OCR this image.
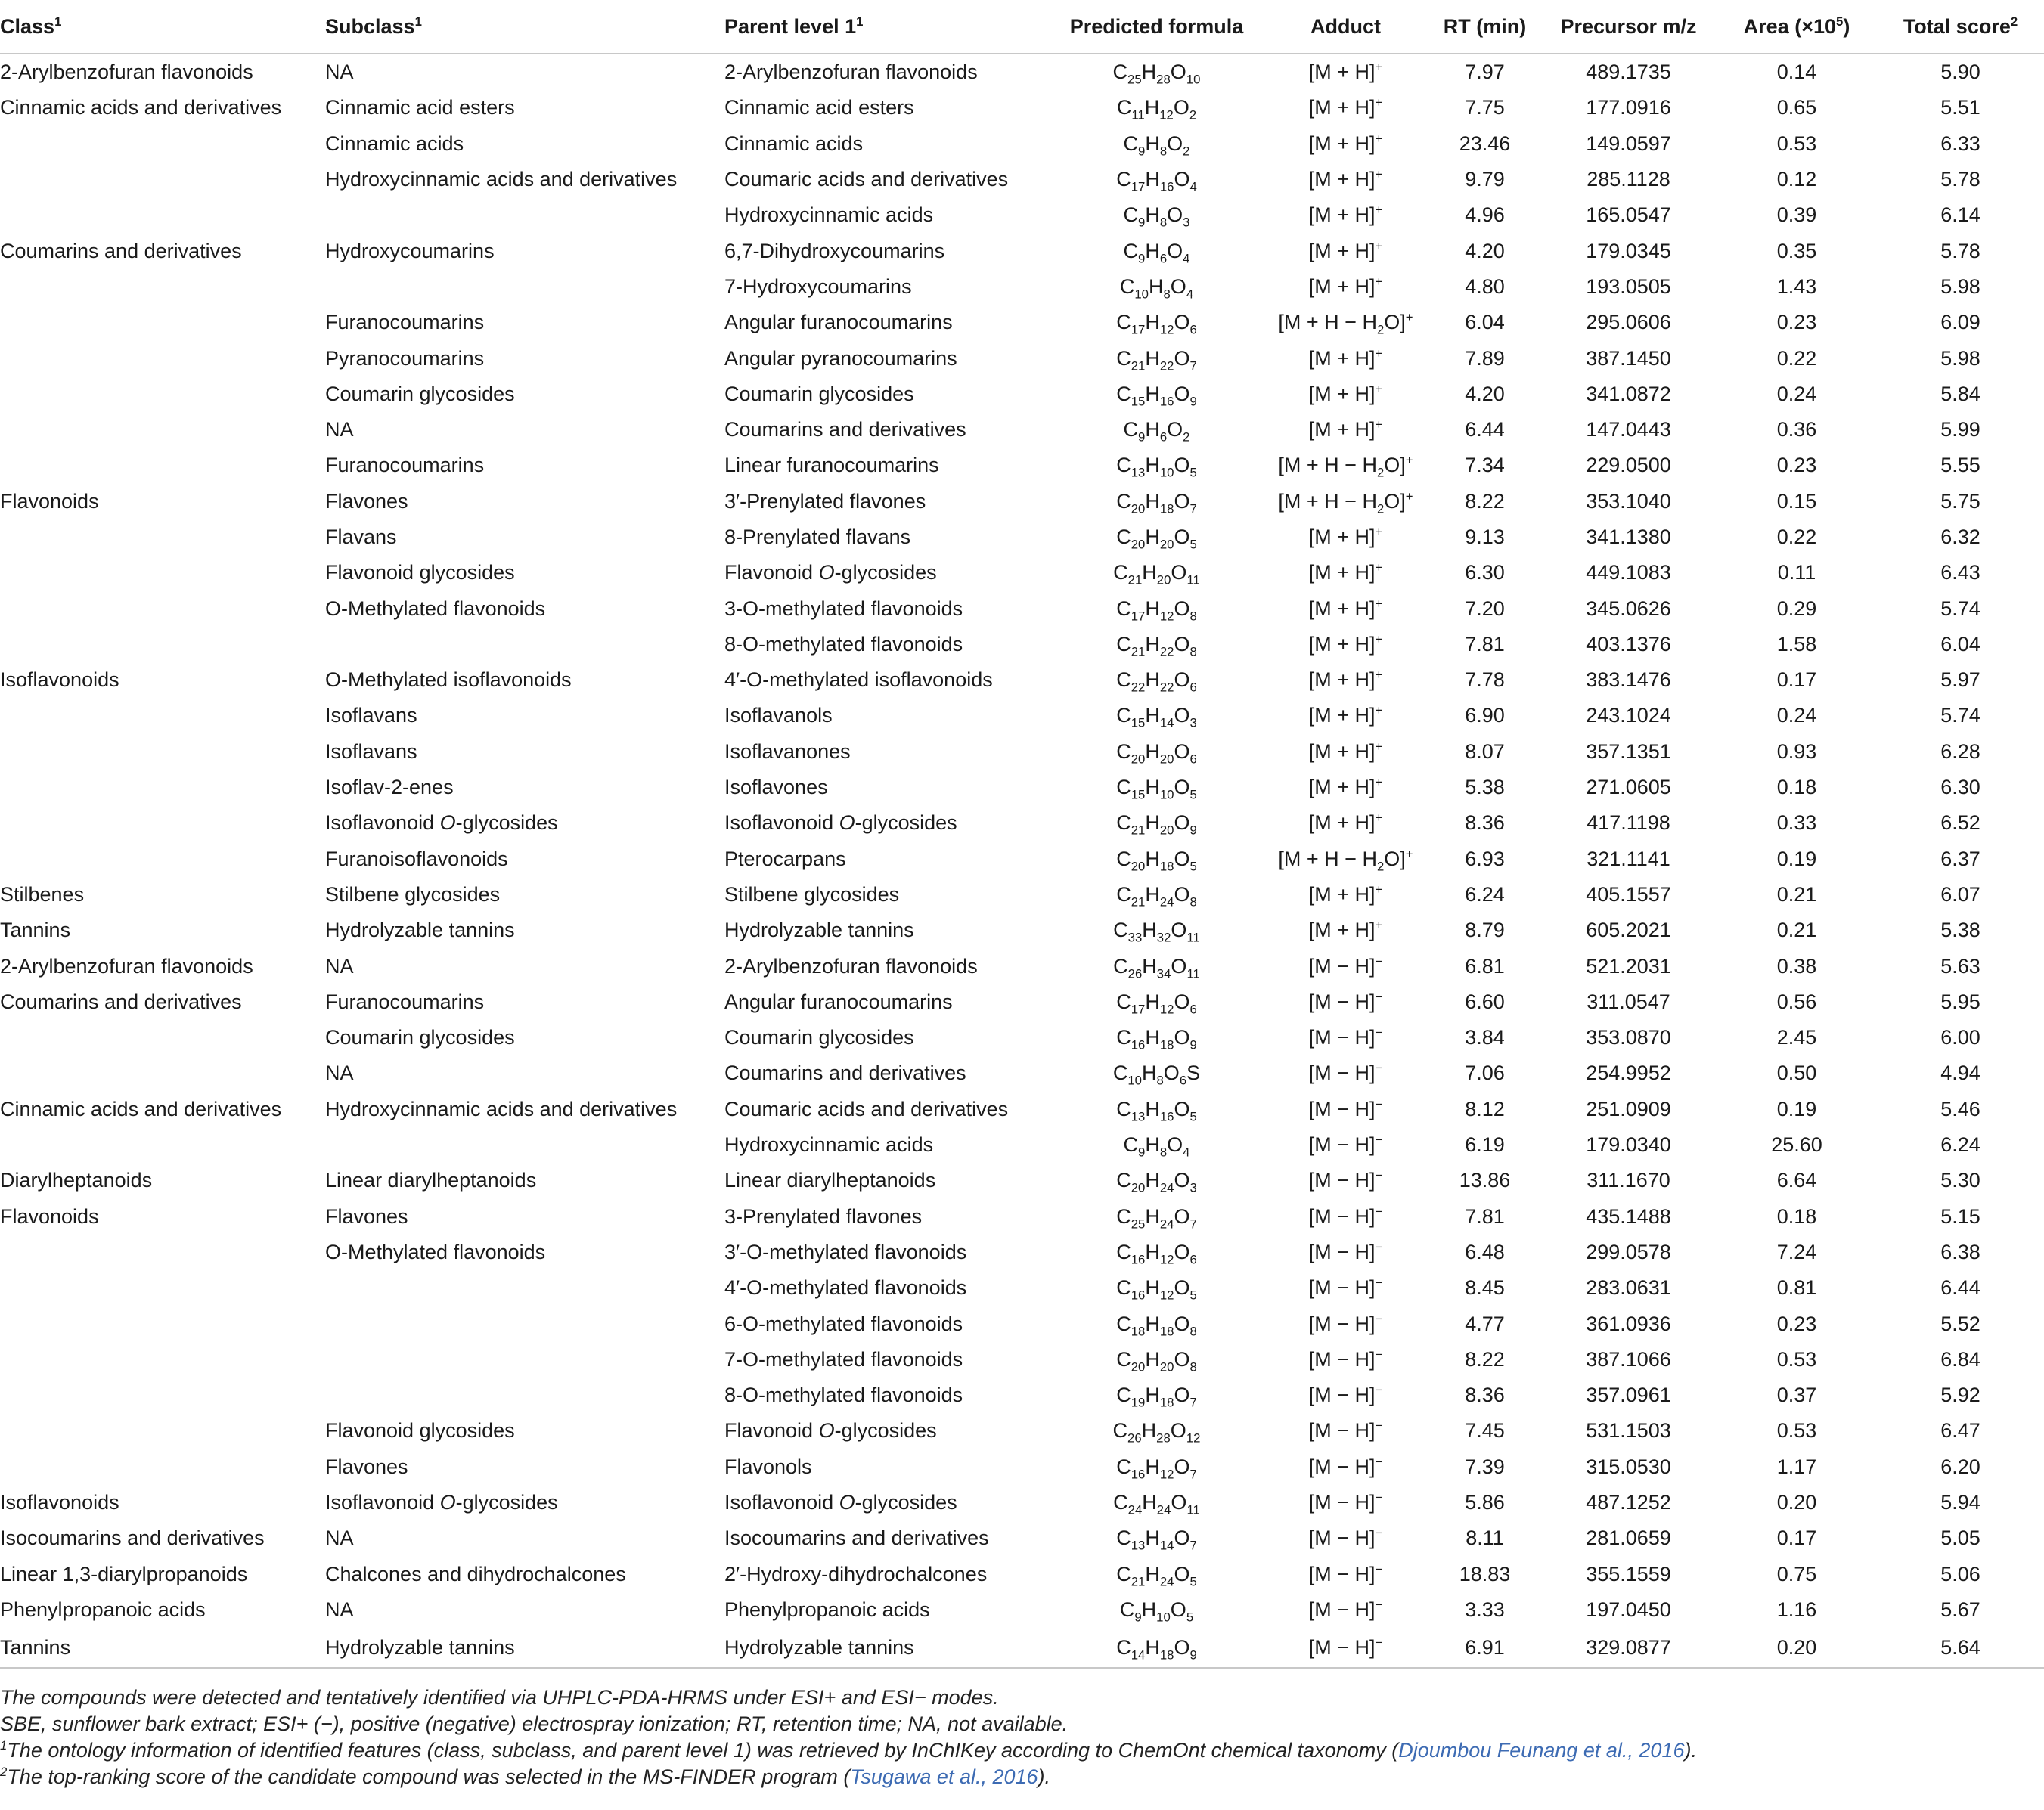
Class$^1$	Subclass$^1$	Parent level $1^1$	Predicted formula	Adduct	RT (min)	Precursor m/z	Area $(\times 10^5)$	Total score$^2$
2-Arylbenzofuran flavonoids	NA	2-Arylbenzofuran flavonoids	$C_{25}H_{28}O_{10}$	[M + H]+	7.97	489.1735	0.14	5.90
Cinnamic acids and derivatives	Cinnamic acid esters	Cinnamic acid esters	$C_{11}H_{12}O_2$	[M + H]+	7.75	177.0916	0.65	5.51
	Cinnamic acids	Cinnamic acids	$C_9H_8O_2$	[M + H]+	23.46	149.0597	0.53	6.33
	Hydroxycinnamic acids and derivatives	Coumaric acids and derivatives	$C_{17}H_{16}O_4$	[M + H]+	9.79	285.1128	0.12	5.78
		Hydroxycinnamic acids	$C_9H_8O_3$	[M + H]+	4.96	165.0547	0.39	6.14
Coumarins and derivatives	Hydroxycoumarins	6,7-Dihydroxycoumarins	$C_9H_6O_4$	[M + H]+	4.20	179.0345	0.35	5.78
		7-Hydroxycoumarins	$C_{10}H_8O_4$	[M + H]+	4.80	193.0505	1.43	5.98
	Furanocoumarins	Angular furanocoumarins	$C_{17}H_{12}O_6$	$[M + H - H_2O]^+$	6.04	295.0606	0.23	6.09
	Pyranocoumarins	Angular pyranocoumarins	$C_{21}H_{22}O_7$	[M + H]+	7.89	387.1450	0.22	5.98
	Coumarin glycosides	Coumarin glycosides	$C_{15}H_{16}O_9$	[M + H]+	4.20	341.0872	0.24	5.84
	NA	Coumarins and derivatives	$C_9H_6O_2$	[M + H]+	6.44	147.0443	0.36	5.99
	Furanocoumarins	Linear furanocoumarins	$C_{13}H_{10}O_5$	$[M + H - H_2O]^+$	7.34	229.0500	0.23	5.55
Flavonoids	Flavones	3′-Prenylated flavones	$C_{20}H_{18}O_7$	$[M + H - H_2O]^+$	8.22	353.1040	0.15	5.75
	Flavans	8-Prenylated flavans	$C_{20}H_{20}O_5$	[M + H]+	9.13	341.1380	0.22	6.32
	Flavonoid glycosides	Flavonoid O-glycosides	$C_{21}H_{20}O_{11}$	[M + H]+	6.30	449.1083	0.11	6.43
	O-Methylated flavonoids	3-O-methylated flavonoids	$C_{17}H_{12}O_8$	[M + H]+	7.20	345.0626	0.29	5.74
		8-O-methylated flavonoids	$C_{21}H_{22}O_8$	[M + H]+	7.81	403.1376	1.58	6.04
Isoflavonoids	O-Methylated isoflavonoids	4′-O-methylated isoflavonoids	$C_{22}H_{22}O_6$	[M + H]+	7.78	383.1476	0.17	5.97
	Isoflavans	Isoflavanols	$C_{15}H_{14}O_3$	[M + H]+	6.90	243.1024	0.24	5.74
	Isoflavans	Isoflavanones	$C_{20}H_{20}O_6$	[M + H]+	8.07	357.1351	0.93	6.28
	Isoflav-2-enes	Isoflavones	$C_{15}H_{10}O_5$	[M + H]+	5.38	271.0605	0.18	6.30
	Isoflavonoid O-glycosides	Isoflavonoid O-glycosides	$C_{21}H_{20}O_9$	[M + H]+	8.36	417.1198	0.33	6.52
	Furanoisoflavonoids	Pterocarpans	$C_{20}H_{18}O_5$	$[M + H - H_2O]^+$	6.93	321.1141	0.19	6.37
Stilbenes	Stilbene glycosides	Stilbene glycosides	$C_{21}H_{24}O_8$	[M + H]+	6.24	405.1557	0.21	6.07
Tannins	Hydrolyzable tannins	Hydrolyzable tannins	$C_{33}H_{32}O_{11}$	[M + H]+	8.79	605.2021	0.21	5.38
2-Arylbenzofuran flavonoids	NA	2-Arylbenzofuran flavonoids	$C_{26}H_{34}O_{11}$	[M − H]−	6.81	521.2031	0.38	5.63
Coumarins and derivatives	Furanocoumarins	Angular furanocoumarins	$C_{17}H_{12}O_6$	[M − H]−	6.60	311.0547	0.56	5.95
	Coumarin glycosides	Coumarin glycosides	$C_{16}H_{18}O_9$	[M − H]−	3.84	353.0870	2.45	6.00
	NA	Coumarins and derivatives	$C_{10}H_8O_6S$	[M − H]−	7.06	254.9952	0.50	4.94
Cinnamic acids and derivatives	Hydroxycinnamic acids and derivatives	Coumaric acids and derivatives	$C_{13}H_{16}O_5$	[M − H]−	8.12	251.0909	0.19	5.46
		Hydroxycinnamic acids	$C_9H_8O_4$	[M − H]−	6.19	179.0340	25.60	6.24
Diarylheptanoids	Linear diarylheptanoids	Linear diarylheptanoids	$C_{20}H_{24}O_3$	[M − H]−	13.86	311.1670	6.64	5.30
Flavonoids	Flavones	3-Prenylated flavones	$C_{25}H_{24}O_7$	[M − H]−	7.81	435.1488	0.18	5.15
	O-Methylated flavonoids	3′-O-methylated flavonoids	$C_{16}H_{12}O_6$	[M − H]−	6.48	299.0578	7.24	6.38
		4′-O-methylated flavonoids	$C_{16}H_{12}O_5$	[M − H]−	8.45	283.0631	0.81	6.44
		6-O-methylated flavonoids	$C_{18}H_{18}O_8$	[M − H]−	4.77	361.0936	0.23	5.52
		7-O-methylated flavonoids	$C_{20}H_{20}O_8$	[M − H]−	8.22	387.1066	0.53	6.84
		8-O-methylated flavonoids	$C_{19}H_{18}O_7$	[M − H]−	8.36	357.0961	0.37	5.92
	Flavonoid glycosides	Flavonoid O-glycosides	$C_{26}H_{28}O_{12}$	[M − H]−	7.45	531.1503	0.53	6.47
	Flavones	Flavonols	$C_{16}H_{12}O_7$	[M − H]−	7.39	315.0530	1.17	6.20
Isoflavonoids	Isoflavonoid O-glycosides	Isoflavonoid O-glycosides	$C_{24}H_{24}O_{11}$	[M − H]−	5.86	487.1252	0.20	5.94
Isocoumarins and derivatives	NA	Isocoumarins and derivatives	$C_{13}H_{14}O_7$	[M − H]−	8.11	281.0659	0.17	5.05
Linear 1,3-diarylpropanoids	Chalcones and dihydrochalcones	2′-Hydroxy-dihydrochalcones	$C_{21}H_{24}O_5$	[M − H]−	18.83	355.1559	0.75	5.06
Phenylpropanoic acids	NA	Phenylpropanoic acids	$C_9H_{10}O_5$	[M − H]−	3.33	197.0450	1.16	5.67
Tannins	Hydrolyzable tannins	Hydrolyzable tannins	$C_{14}H_{18}O_9$	[M − H]−	6.91	329.0877	0.20	5.64
The compounds were detected and tentatively identified via UHPLC-PDA-HRMS under ESI+ and ESI− modes.
SBE, sunflower bark extract; ESI+ (−), positive (negative) electrospray ionization; RT, retention time; NA, not available.
$^1$The ontology information of identified features (class, subclass, and parent level 1) was retrieved by InChIKey according to ChemOnt chemical taxonomy (Djoumbou Feunang et al., 2016).
$^2$The top-ranking score of the candidate compound was selected in the MS-FINDER program (Tsugawa et al., 2016).
